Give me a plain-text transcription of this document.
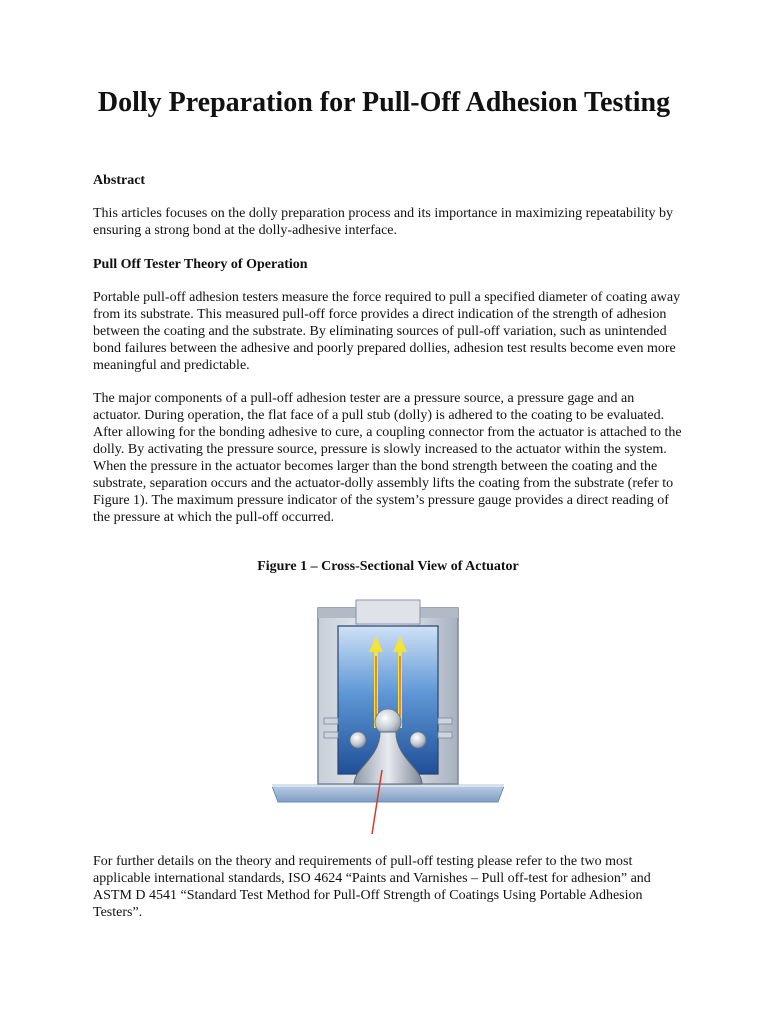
Dolly Preparation for Pull-Off Adhesion Testing
Abstract

This articles focuses on the dolly preparation process and its importance in maximizing repeatability by ensuring a strong bond at the dolly-adhesive interface.

Pull Off Tester Theory of Operation

Portable pull-off adhesion testers measure the force required to pull a specified diameter of coating away from its substrate. This measured pull-off force provides a direct indication of the strength of adhesion between the coating and the substrate. By eliminating sources of pull-off variation, such as unintended bond failures between the adhesive and poorly prepared dollies, adhesion test results become even more meaningful and predictable.

The major components of a pull-off adhesion tester are a pressure source, a pressure gage and an actuator. During operation, the flat face of a pull stub (dolly) is adhered to the coating to be evaluated. After allowing for the bonding adhesive to cure, a coupling connector from the actuator is attached to the dolly. By activating the pressure source, pressure is slowly increased to the actuator within the system. When the pressure in the actuator becomes larger than the bond strength between the coating and the substrate, separation occurs and the actuator-dolly assembly lifts the coating from the substrate (refer to Figure 1). The maximum pressure indicator of the system’s pressure gauge provides a direct reading of the pressure at which the pull-off occurred.

Figure 1 – Cross-Sectional View of Actuator

For further details on the theory and requirements of pull-off testing please refer to the two most applicable international standards, ISO 4624 “Paints and Varnishes – Pull off-test for adhesion” and ASTM D 4541 “Standard Test Method for Pull-Off Strength of Coatings Using Portable Adhesion Testers”.
